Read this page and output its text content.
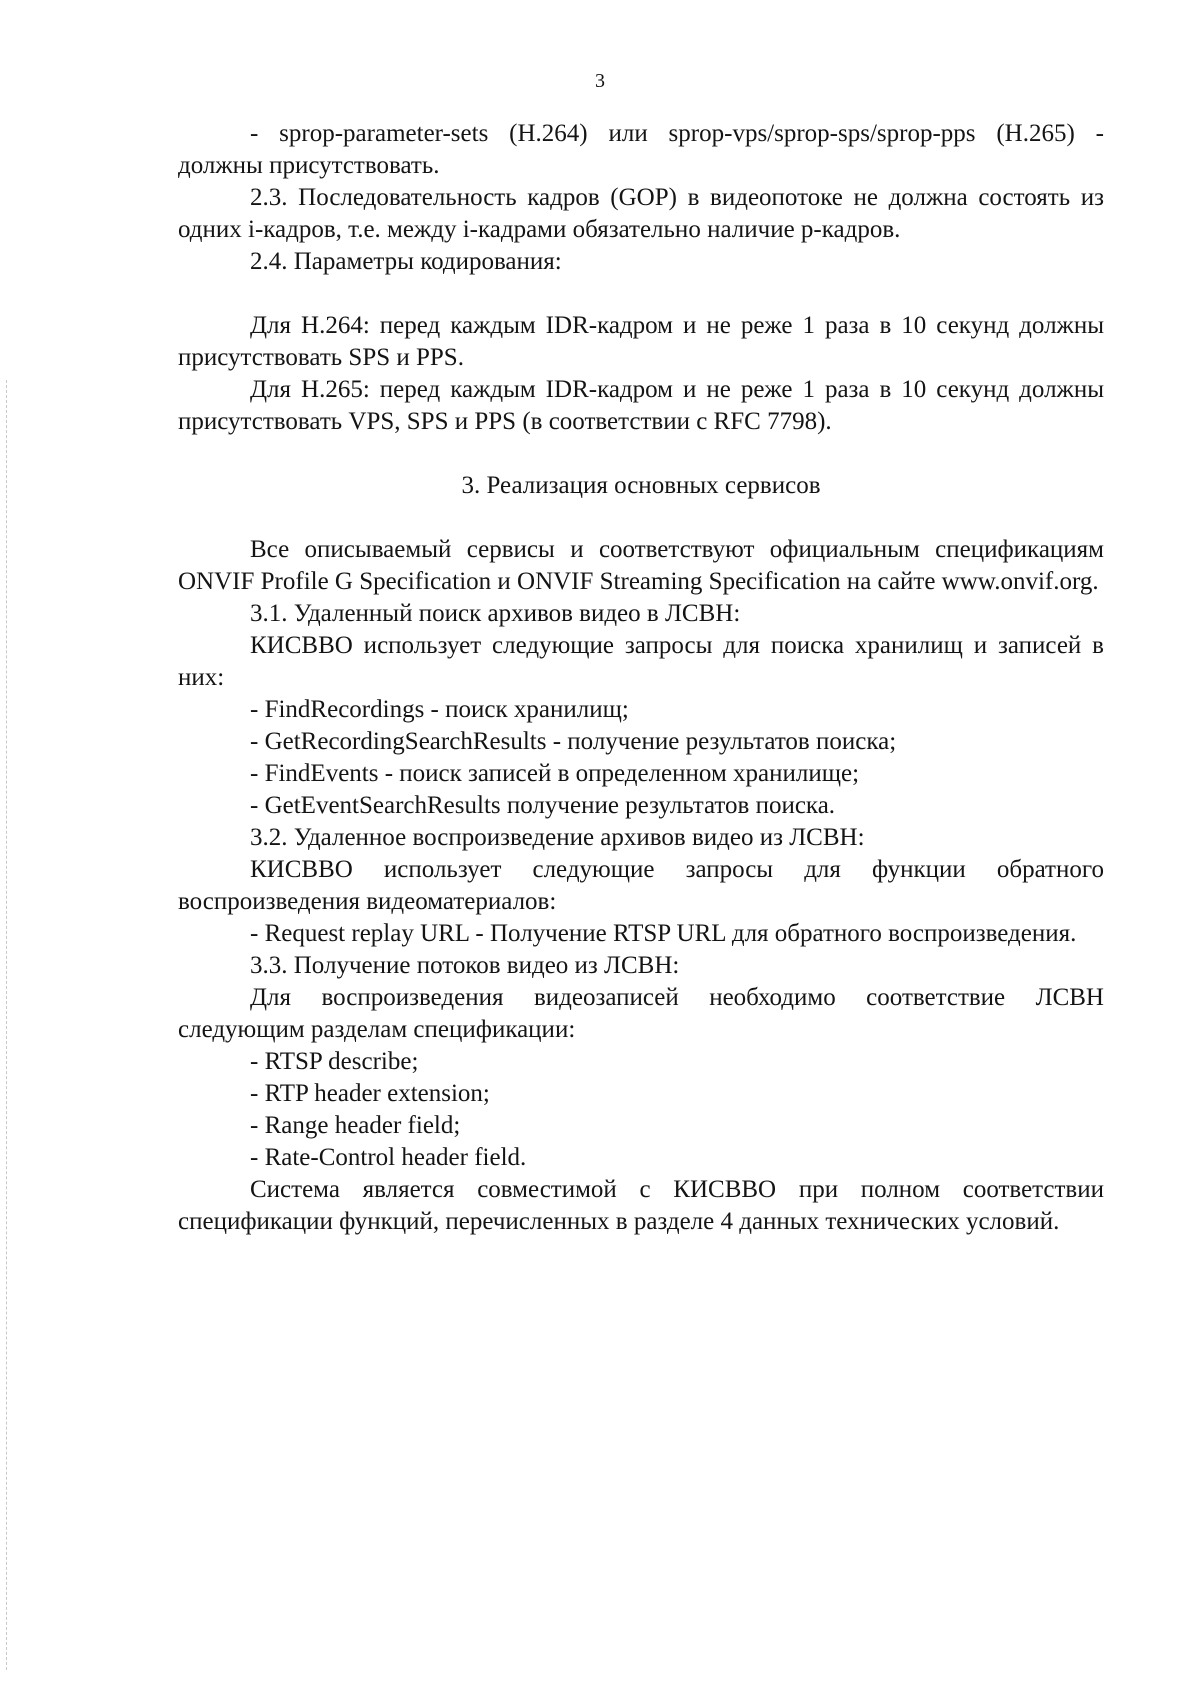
3

- sprop-parameter-sets (H.264) или sprop-vps/sprop-sps/sprop-pps (H.265) - должны присутствовать.

2.3. Последовательность кадров (GOP) в видеопотоке не должна состоять из одних i-кадров, т.е. между i-кадрами обязательно наличие р-кадров.

2.4. Параметры кодирования:

Для H.264: перед каждым IDR-кадром и не реже 1 раза в 10 секунд должны присутствовать SPS и PPS.

Для H.265: перед каждым IDR-кадром и не реже 1 раза в 10 секунд должны присутствовать VPS, SPS и PPS (в соответствии с RFC 7798).

3. Реализация основных сервисов

Все описываемый сервисы и соответствуют официальным спецификациям ONVIF Profile G Specification и ONVIF Streaming Specification на сайте www.onvif.org.

3.1. Удаленный поиск архивов видео в ЛСВН:

КИСВВО использует следующие запросы для поиска хранилищ и записей в них:

- FindRecordings - поиск хранилищ;

- GetRecordingSearchResults - получение результатов поиска;

- FindEvents - поиск записей в определенном хранилище;

- GetEventSearchResults получение результатов поиска.

3.2. Удаленное воспроизведение архивов видео из ЛСВН:

КИСВВО использует следующие запросы для функции обратного воспроизведения видеоматериалов:

- Request replay URL - Получение RTSP URL для обратного воспроизведения.

3.3. Получение потоков видео из ЛСВН:

Для воспроизведения видеозаписей необходимо соответствие ЛСВН следующим разделам спецификации:

- RTSP describe;

- RTP header extension;

- Range header field;

- Rate-Control header field.

Система является совместимой с КИСВВО при полном соответствии спецификации функций, перечисленных в разделе 4 данных технических условий.
